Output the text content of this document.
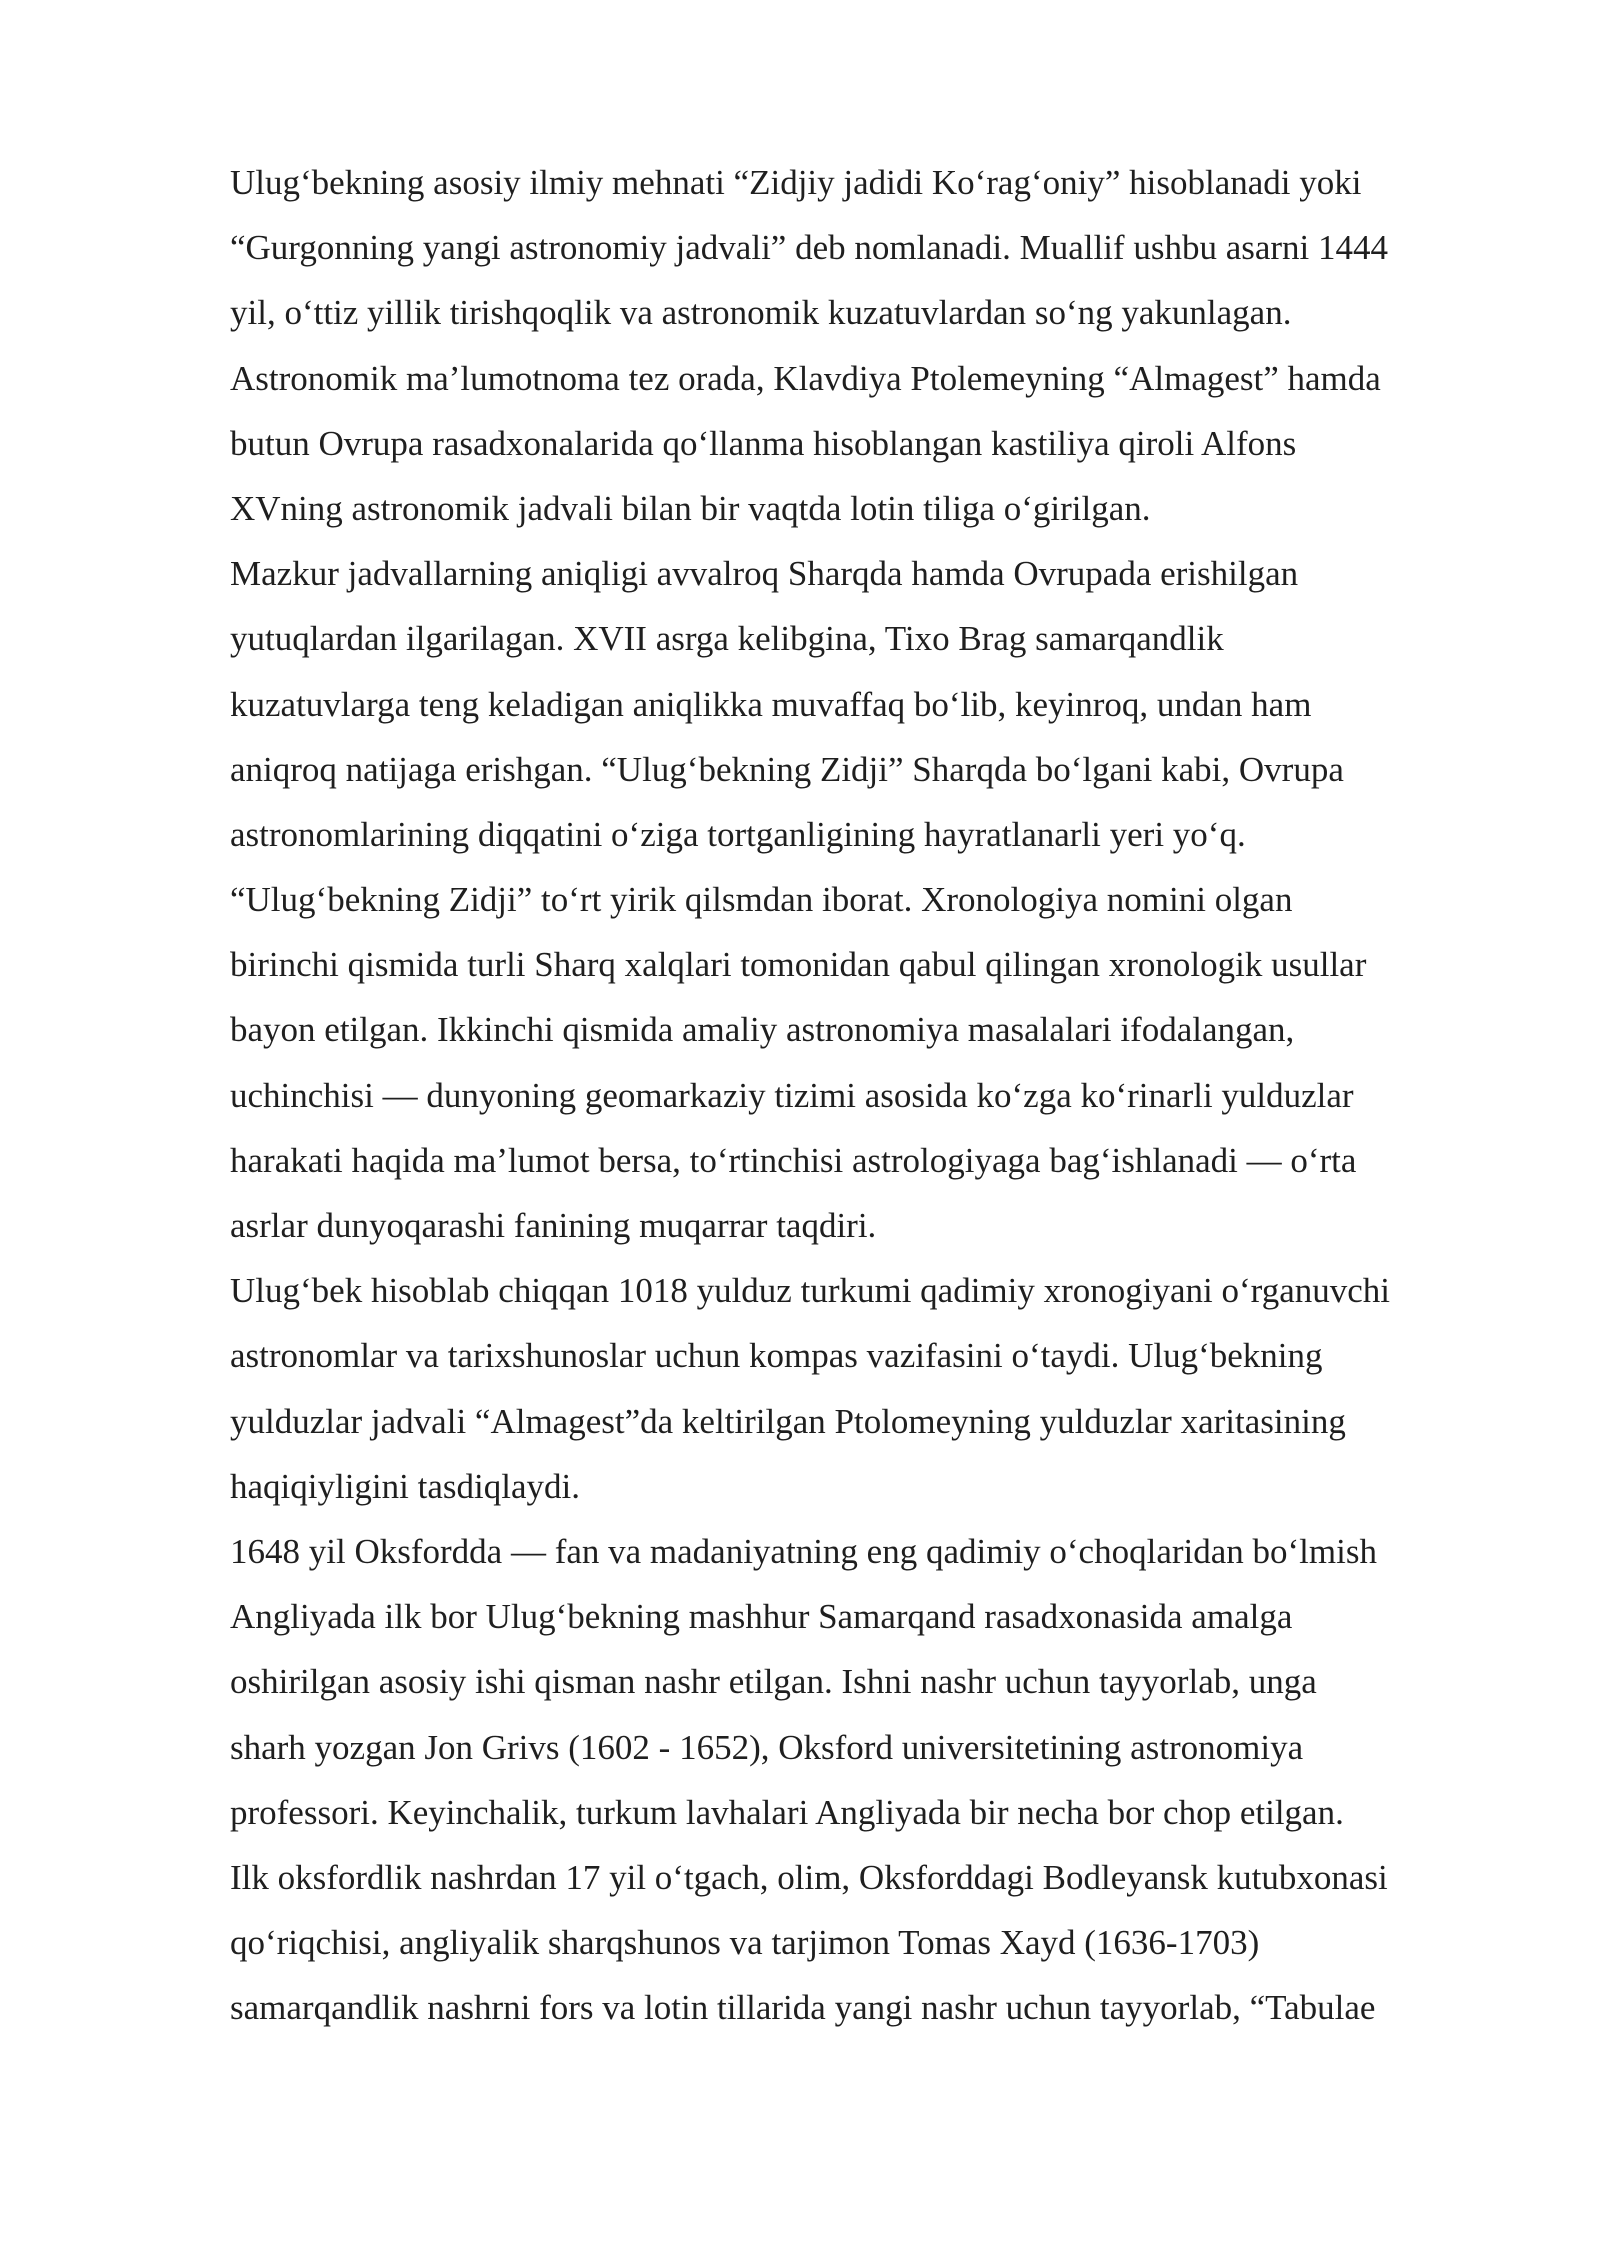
Ulug‘bekning asosiy ilmiy mehnati “Zidjiy jadidi Ko‘rag‘oniy” hisoblanadi yoki
“Gurgonning yangi astronomiy jadvali” deb nomlanadi. Muallif ushbu asarni 1444
yil, o‘ttiz yillik tirishqoqlik va astronomik kuzatuvlardan so‘ng yakunlagan.
Astronomik ma’lumotnoma tez orada, Klavdiya Ptolemeyning “Almagest” hamda
butun Ovrupa rasadxonalarida qo‘llanma hisoblangan kastiliya qiroli Alfons
XVning astronomik jadvali bilan bir vaqtda lotin tiliga o‘girilgan.
Mazkur jadvallarning aniqligi avvalroq Sharqda hamda Ovrupada erishilgan
yutuqlardan ilgarilagan. XVII asrga kelibgina, Tixo Brag samarqandlik
kuzatuvlarga teng keladigan aniqlikka muvaffaq bo‘lib, keyinroq, undan ham
aniqroq natijaga erishgan. “Ulug‘bekning Zidji” Sharqda bo‘lgani kabi, Ovrupa
astronomlarining diqqatini o‘ziga tortganligining hayratlanarli yeri yo‘q.
“Ulug‘bekning Zidji” to‘rt yirik qilsmdan iborat. Xronologiya nomini olgan
birinchi qismida turli Sharq xalqlari tomonidan qabul qilingan xronologik usullar
bayon etilgan. Ikkinchi qismida amaliy astronomiya masalalari ifodalangan,
uchinchisi — dunyoning geomarkaziy tizimi asosida ko‘zga ko‘rinarli yulduzlar
harakati haqida ma’lumot bersa, to‘rtinchisi astrologiyaga bag‘ishlanadi — o‘rta
asrlar dunyoqarashi fanining muqarrar taqdiri.
Ulug‘bek hisoblab chiqqan 1018 yulduz turkumi qadimiy xronogiyani o‘rganuvchi
astronomlar va tarixshunoslar uchun kompas vazifasini o‘taydi. Ulug‘bekning
yulduzlar jadvali “Almagest”da keltirilgan Ptolomeyning yulduzlar xaritasining
haqiqiyligini tasdiqlaydi.
1648 yil Oksfordda — fan va madaniyatning eng qadimiy o‘choqlaridan bo‘lmish
Angliyada ilk bor Ulug‘bekning mashhur Samarqand rasadxonasida amalga
oshirilgan asosiy ishi qisman nashr etilgan. Ishni nashr uchun tayyorlab, unga
sharh yozgan Jon Grivs (1602 - 1652), Oksford universitetining astronomiya
professori. Keyinchalik, turkum lavhalari Angliyada bir necha bor chop etilgan.
Ilk oksfordlik nashrdan 17 yil o‘tgach, olim, Oksforddagi Bodleyansk kutubxonasi
qo‘riqchisi, angliyalik sharqshunos va tarjimon Tomas Xayd (1636-1703)
samarqandlik nashrni fors va lotin tillarida yangi nashr uchun tayyorlab, “Tabulae
